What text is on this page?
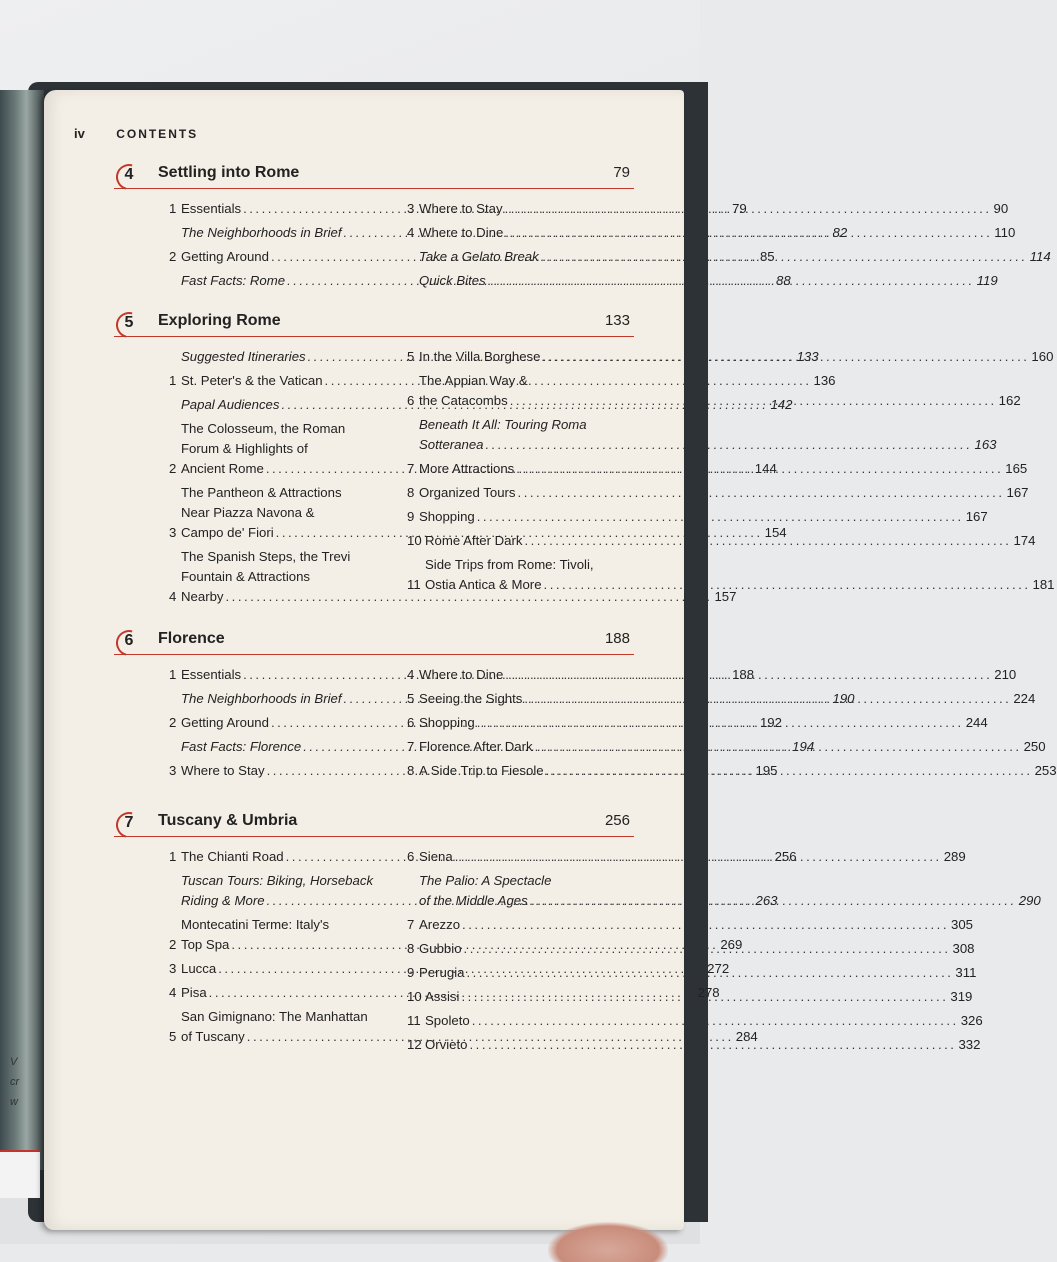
V
cr
w
iv	CONTENTS
4	Settling into Rome	79
1 Essentials .....	79
The Neighborhoods in Brief .....	82
2 Getting Around .....	85
Fast Facts: Rome .....	88
3 Where to Stay .....	90
4 Where to Dine .....	110
Take a Gelato Break .....	114
Quick Bites .....	119
5	Exploring Rome	133
Suggested Itineraries .....	133
1 St. Peter's & the Vatican .....	136
Papal Audiences .....	142
2
The Colosseum, the Roman
Forum & Highlights of
Ancient Rome .....	144
3
The Pantheon & Attractions
Near Piazza Navona &
Campo de' Fiori .....	154
4
The Spanish Steps, the Trevi
Fountain & Attractions
Nearby .....	157
5 In the Villa Borghese .....	160
6
The Appian Way &
the Catacombs .....	162
Beneath It All: Touring Roma
Sotteranea .....	163
7 More Attractions .....	165
8 Organized Tours .....	167
9 Shopping .....	167
10 Rome After Dark .....	174
11
Side Trips from Rome: Tivoli,
Ostia Antica & More .....	181
6	Florence	188
1 Essentials .....	188
The Neighborhoods in Brief .....	190
2 Getting Around .....	192
Fast Facts: Florence .....	194
3 Where to Stay .....	195
4 Where to Dine .....	210
5 Seeing the Sights .....	224
6 Shopping .....	244
7 Florence After Dark .....	250
8 A Side Trip to Fiesole .....	253
7	Tuscany & Umbria	256
1 The Chianti Road .....	256
Tuscan Tours: Biking, Horseback
Riding & More .....	263
2
Montecatini Terme: Italy's
Top Spa .....	269
3 Lucca .....	272
4 Pisa .....	278
5
San Gimignano: The Manhattan
of Tuscany .....	284
6 Siena .....	289
The Palio: A Spectacle
of the Middle Ages .....	290
7 Arezzo .....	305
8 Gubbio .....	308
9 Perugia .....	311
10 Assisi .....	319
11 Spoleto .....	326
12 Orvieto .....	332
